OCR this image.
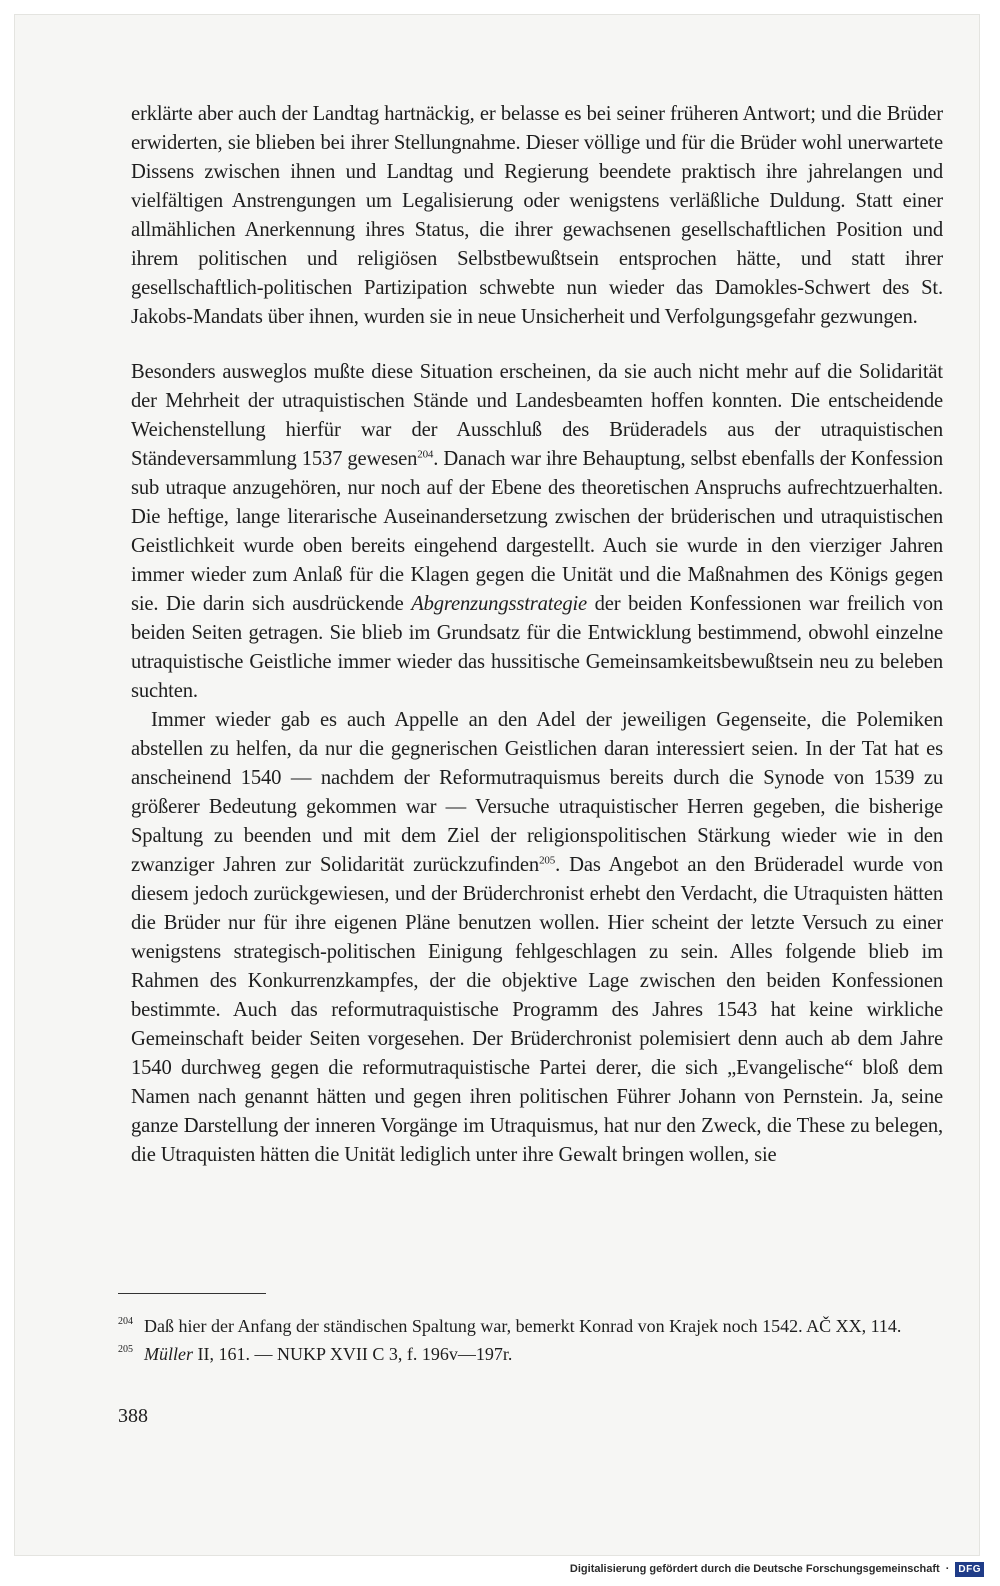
erklärte aber auch der Landtag hartnäckig, er belasse es bei seiner früheren Antwort; und die Brüder erwiderten, sie blieben bei ihrer Stellungnahme. Dieser völlige und für die Brüder wohl unerwartete Dissens zwischen ihnen und Landtag und Regierung beendete praktisch ihre jahrelangen und vielfältigen Anstrengungen um Legalisierung oder wenigstens verläßliche Duldung. Statt einer allmählichen Anerkennung ihres Status, die ihrer gewachsenen gesellschaftlichen Position und ihrem politischen und religiösen Selbstbewußtsein entsprochen hätte, und statt ihrer gesellschaftlich-politischen Partizipation schwebte nun wieder das Damokles-Schwert des St. Jakobs-Mandats über ihnen, wurden sie in neue Unsicherheit und Verfolgungsgefahr gezwungen.

Besonders ausweglos mußte diese Situation erscheinen, da sie auch nicht mehr auf die Solidarität der Mehrheit der utraquistischen Stände und Landesbeamten hoffen konnten. Die entscheidende Weichenstellung hierfür war der Ausschluß des Brüderadels aus der utraquistischen Ständeversammlung 1537 gewesen$^{204}$. Danach war ihre Behauptung, selbst ebenfalls der Konfession sub utraque anzugehören, nur noch auf der Ebene des theoretischen Anspruchs aufrechtzuerhalten. Die heftige, lange literarische Auseinandersetzung zwischen der brüderischen und utraquistischen Geistlichkeit wurde oben bereits eingehend dargestellt. Auch sie wurde in den vierziger Jahren immer wieder zum Anlaß für die Klagen gegen die Unität und die Maßnahmen des Königs gegen sie. Die darin sich ausdrückende Abgrenzungsstrategie der beiden Konfessionen war freilich von beiden Seiten getragen. Sie blieb im Grundsatz für die Entwicklung bestimmend, obwohl einzelne utraquistische Geistliche immer wieder das hussitische Gemeinsamkeitsbewußtsein neu zu beleben suchten.

Immer wieder gab es auch Appelle an den Adel der jeweiligen Gegenseite, die Polemiken abstellen zu helfen, da nur die gegnerischen Geistlichen daran interessiert seien. In der Tat hat es anscheinend 1540 — nachdem der Reformutraquismus bereits durch die Synode von 1539 zu größerer Bedeutung gekommen war — Versuche utraquistischer Herren gegeben, die bisherige Spaltung zu beenden und mit dem Ziel der religionspolitischen Stärkung wieder wie in den zwanziger Jahren zur Solidarität zurückzufinden$^{205}$. Das Angebot an den Brüderadel wurde von diesem jedoch zurückgewiesen, und der Brüderchronist erhebt den Verdacht, die Utraquisten hätten die Brüder nur für ihre eigenen Pläne benutzen wollen. Hier scheint der letzte Versuch zu einer wenigstens strategisch-politischen Einigung fehlgeschlagen zu sein. Alles folgende blieb im Rahmen des Konkurrenzkampfes, der die objektive Lage zwischen den beiden Konfessionen bestimmte. Auch das reformutraquistische Programm des Jahres 1543 hat keine wirkliche Gemeinschaft beider Seiten vorgesehen. Der Brüderchronist polemisiert denn auch ab dem Jahre 1540 durchweg gegen die reformutraquistische Partei derer, die sich „Evangelische“ bloß dem Namen nach genannt hätten und gegen ihren politischen Führer Johann von Pernstein. Ja, seine ganze Darstellung der inneren Vorgänge im Utraquismus, hat nur den Zweck, die These zu belegen, die Utraquisten hätten die Unität lediglich unter ihre Gewalt bringen wollen, sie

204 Daß hier der Anfang der ständischen Spaltung war, bemerkt Konrad von Krajek noch 1542. AČ XX, 114.
205 Müller II, 161. — NUKP XVII C 3, f. 196v—197r.
388
Digitalisierung gefördert durch die Deutsche Forschungsgemeinschaft · DFG
